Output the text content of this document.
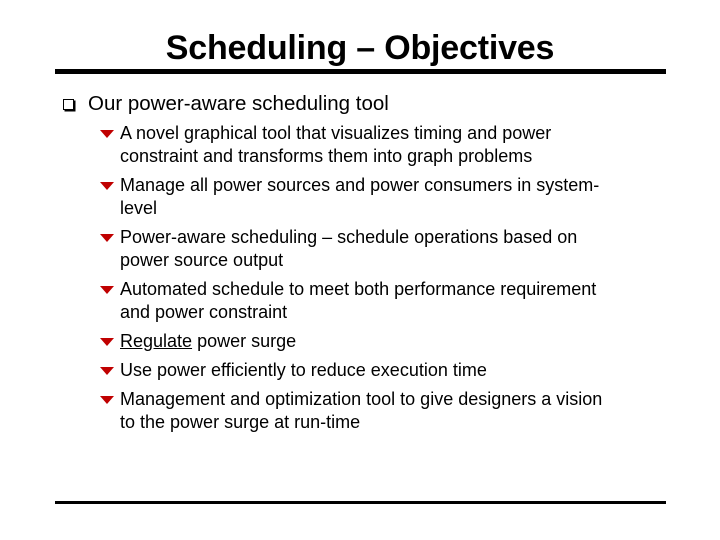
Scheduling – Objectives
Our power-aware scheduling tool
A novel graphical tool that visualizes timing and power
constraint and transforms them into graph problems
Manage all power sources and power consumers in system-
level
Power-aware scheduling – schedule operations based on
power source output
Automated schedule to meet both performance requirement
and power constraint
Regulate power surge
Use power efficiently to reduce execution time
Management and optimization tool to give designers a vision
to the power surge at run-time
